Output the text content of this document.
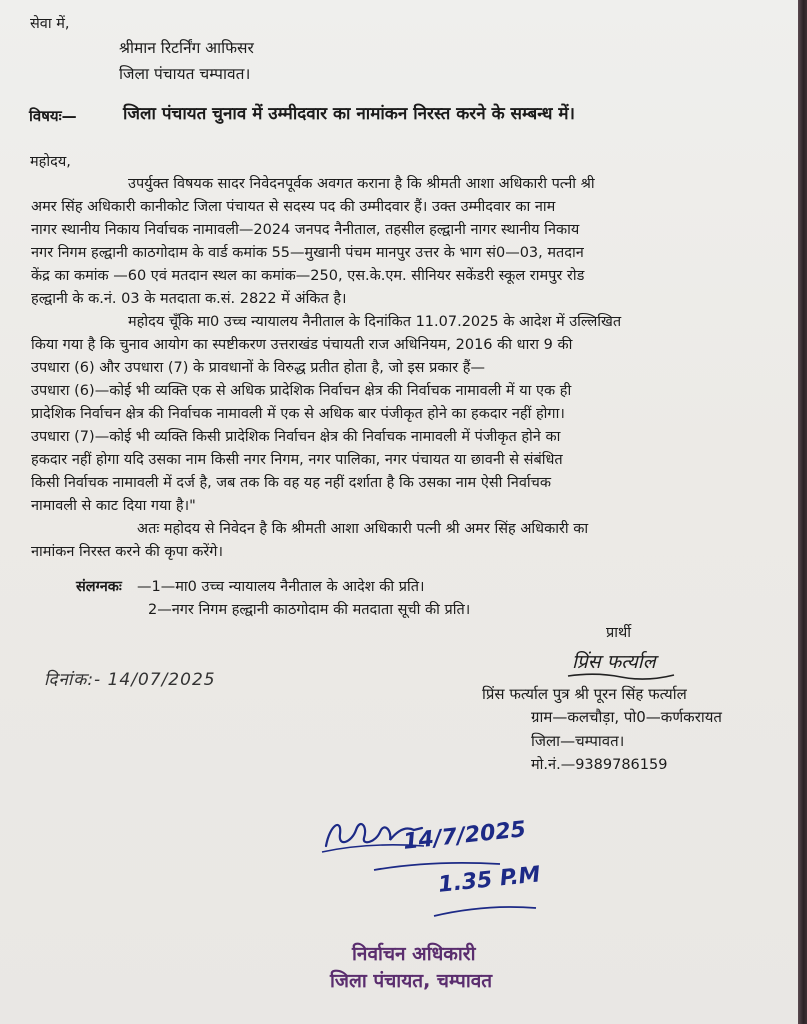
सेवा में,
श्रीमान रिटर्निंग आफिसर
जिला पंचायत चम्पावत।
विषयः—	जिला पंचायत चुनाव में उम्मीदवार का नामांकन निरस्त करने के सम्बन्ध में।
महोदय,
उपर्युक्त विषयक सादर निवेदनपूर्वक अवगत कराना है कि श्रीमती आशा अधिकारी पत्नी श्री
अमर सिंह अधिकारी कानीकोट जिला पंचायत से सदस्य पद की उम्मीदवार हैं। उक्त उम्मीदवार का नाम
नागर स्थानीय निकाय निर्वाचक नामावली—2024 जनपद नैनीताल, तहसील हल्द्वानी नागर स्थानीय निकाय
नगर निगम हल्द्वानी काठगोदाम के वार्ड कमांक 55—मुखानी पंचम मानपुर उत्तर के भाग सं0—03, मतदान
केंद्र का कमांक —60 एवं मतदान स्थल का कमांक—250, एस.के.एम. सीनियर सकेंडरी स्कूल रामपुर रोड
हल्द्वानी के क.नं. 03 के मतदाता क.सं. 2822 में अंकित है।
महोदय चूँकि मा0 उच्च न्यायालय नैनीताल के दिनांकित 11.07.2025 के आदेश में उल्लिखित
किया गया है कि चुनाव आयोग का स्पष्टीकरण उत्तराखंड पंचायती राज अधिनियम, 2016 की धारा 9 की
उपधारा (6) और उपधारा (7) के प्रावधानों के विरुद्ध प्रतीत होता है, जो इस प्रकार हैं—
उपधारा (6)—कोई भी व्यक्ति एक से अधिक प्रादेशिक निर्वाचन क्षेत्र की निर्वाचक नामावली में या एक ही
प्रादेशिक निर्वाचन क्षेत्र की निर्वाचक नामावली में एक से अधिक बार पंजीकृत होने का हकदार नहीं होगा।
उपधारा (7)—कोई भी व्यक्ति किसी प्रादेशिक निर्वाचन क्षेत्र की निर्वाचक नामावली में पंजीकृत होने का
हकदार नहीं होगा यदि उसका नाम किसी नगर निगम, नगर पालिका, नगर पंचायत या छावनी से संबंधित
किसी निर्वाचक नामावली में दर्ज है, जब तक कि वह यह नहीं दर्शाता है कि उसका नाम ऐसी निर्वाचक
नामावली से काट दिया गया है।"
अतः महोदय से निवेदन है कि श्रीमती आशा अधिकारी पत्नी श्री अमर सिंह अधिकारी का
नामांकन निरस्त करने की कृपा करेंगे।
संलग्नकः —1—मा0 उच्च न्यायालय नैनीताल के आदेश की प्रति।
2—नगर निगम हल्द्वानी काठगोदाम की मतदाता सूची की प्रति।
प्रार्थी
प्रिंस फर्त्याल
प्रिंस फर्त्याल पुत्र श्री पूरन सिंह फर्त्याल
ग्राम—कलचौड़ा, पो0—कर्णकरायत
जिला—चम्पावत।
मो.नं.—9389786159
दिनांक:- 14/07/2025
14/7/2025
1.35 P.M
निर्वाचन अधिकारी
जिला पंचायत, चम्पावत
